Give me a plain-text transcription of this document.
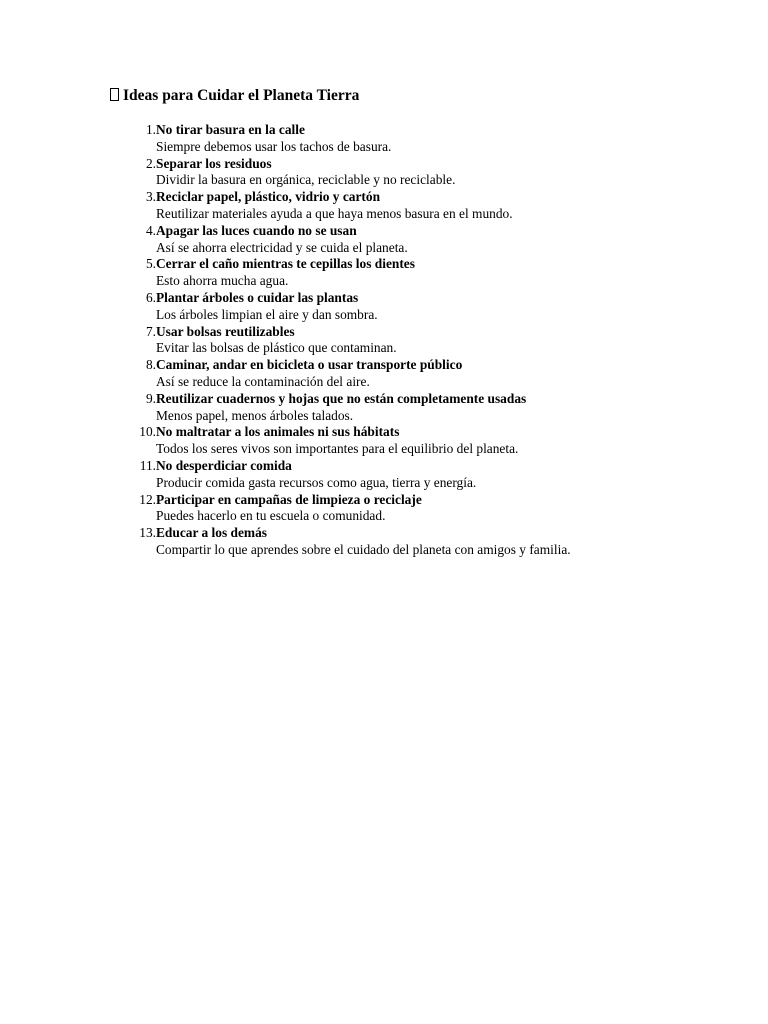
Ideas para Cuidar el Planeta Tierra
1. No tirar basura en la calle
Siempre debemos usar los tachos de basura.
2. Separar los residuos
Dividir la basura en orgánica, reciclable y no reciclable.
3. Reciclar papel, plástico, vidrio y cartón
Reutilizar materiales ayuda a que haya menos basura en el mundo.
4. Apagar las luces cuando no se usan
Así se ahorra electricidad y se cuida el planeta.
5. Cerrar el caño mientras te cepillas los dientes
Esto ahorra mucha agua.
6. Plantar árboles o cuidar las plantas
Los árboles limpian el aire y dan sombra.
7. Usar bolsas reutilizables
Evitar las bolsas de plástico que contaminan.
8. Caminar, andar en bicicleta o usar transporte público
Así se reduce la contaminación del aire.
9. Reutilizar cuadernos y hojas que no están completamente usadas
Menos papel, menos árboles talados.
10. No maltratar a los animales ni sus hábitats
Todos los seres vivos son importantes para el equilibrio del planeta.
11. No desperdiciar comida
Producir comida gasta recursos como agua, tierra y energía.
12. Participar en campañas de limpieza o reciclaje
Puedes hacerlo en tu escuela o comunidad.
13. Educar a los demás
Compartir lo que aprendes sobre el cuidado del planeta con amigos y familia.
